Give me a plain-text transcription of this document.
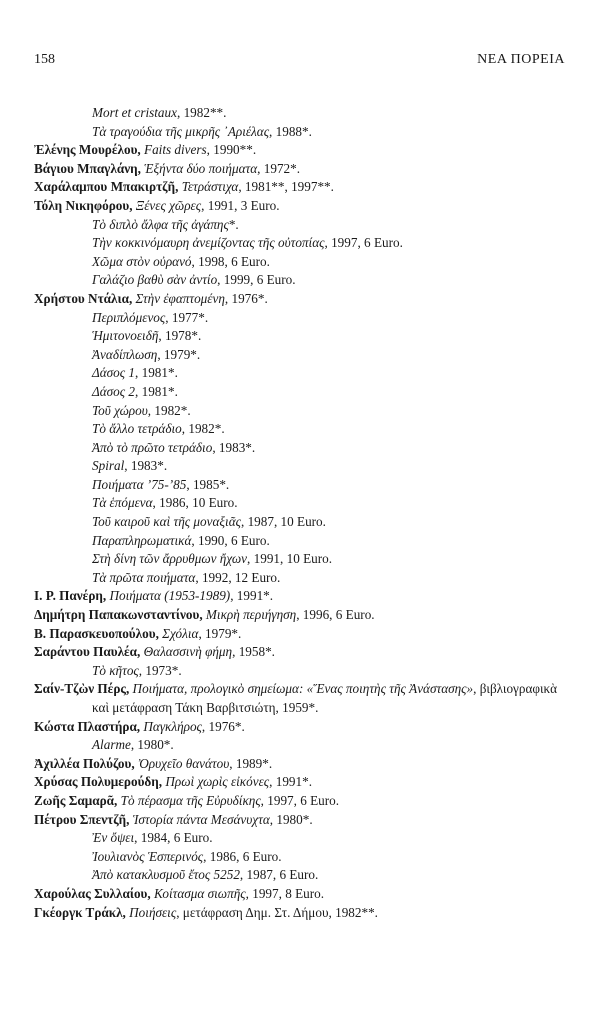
158	ΝΕΑ ΠΟΡΕΙΑ
Mort et cristaux, 1982**.
Τὰ τραγούδια τῆς μικρῆς ᾿Αριέλας, 1988*.
Ἐλένης Μουρέλου, Faits divers, 1990**.
Βάγιου Μπαγλάνη, Ἑξήντα δύο ποιήματα, 1972*.
Χαράλαμπου Μπακιρτζῆ, Τετράστιχα, 1981**, 1997**.
Τόλη Νικηφόρου, Ξένες χῶρες, 1991, 3 Euro.
Τὸ διπλὸ ἄλφα τῆς ἀγάπης*.
Τὴν κοκκινόμαυρη ἀνεμίζοντας τῆς οὐτοπίας, 1997, 6 Euro.
Χῶμα στὸν οὐρανό, 1998, 6 Euro.
Γαλάζιο βαθὺ σὰν ἀντίο, 1999, 6 Euro.
Χρήστου Ντάλια, Στὴν ἐφαπτομένη, 1976*.
Περιπλόμενος, 1977*.
Ἡμιτονοειδῆ, 1978*.
Ἀναδίπλωση, 1979*.
Δάσος 1, 1981*.
Δάσος 2, 1981*.
Τοῦ χώρου, 1982*.
Τὸ ἄλλο τετράδιο, 1982*.
Ἀπὸ τὸ πρῶτο τετράδιο, 1983*.
Spiral, 1983*.
Ποιήματα ’75-’85, 1985*.
Τὰ ἑπόμενα, 1986, 10 Euro.
Τοῦ καιροῦ καὶ τῆς μοναξιᾶς, 1987, 10 Euro.
Παραπληρωματικά, 1990, 6 Euro.
Στὴ δίνη τῶν ἄρρυθμων ἤχων, 1991, 10 Euro.
Τὰ πρῶτα ποιήματα, 1992, 12 Euro.
Ι. Ρ. Πανέρη, Ποιήματα (1953-1989), 1991*.
Δημήτρη Παπακωνσταντίνου, Μικρὴ περιήγηση, 1996, 6 Euro.
Β. Παρασκευοπούλου, Σχόλια, 1979*.
Σαράντου Παυλέα, Θαλασσινὴ φήμη, 1958*.
Τὸ κῆτος, 1973*.
Σαίν-Τζὼν Πέρς, Ποιήματα, προλογικὸ σημείωμα: «Ἕνας ποιητὴς τῆς Ἀνάστασης», βιβλιογραφικὰ καὶ μετάφραση Τάκη Βαρβιτσιώτη, 1959*.
Κώστα Πλαστήρα, Παγκλήρος, 1976*.
Alarme, 1980*.
Ἀχιλλέα Πολύζου, Ὀρυχεῖο θανάτου, 1989*.
Χρύσας Πολυμερούδη, Πρωὶ χωρὶς εἰκόνες, 1991*.
Ζωῆς Σαμαρᾶ, Τὸ πέρασμα τῆς Εὐρυδίκης, 1997, 6 Euro.
Πέτρου Σπεντζῆ, Ἱστορία πάντα Μεσάνυχτα, 1980*.
Ἐν ὄψει, 1984, 6 Euro.
Ἰουλιανὸς Ἑσπερινός, 1986, 6 Euro.
Ἀπὸ κατακλυσμοῦ ἔτος 5252, 1987, 6 Euro.
Χαρούλας Συλλαίου, Κοίτασμα σιωπῆς, 1997, 8 Euro.
Γκέοργκ Τράκλ, Ποιήσεις, μετάφραση Δημ. Στ. Δήμου, 1982**.
